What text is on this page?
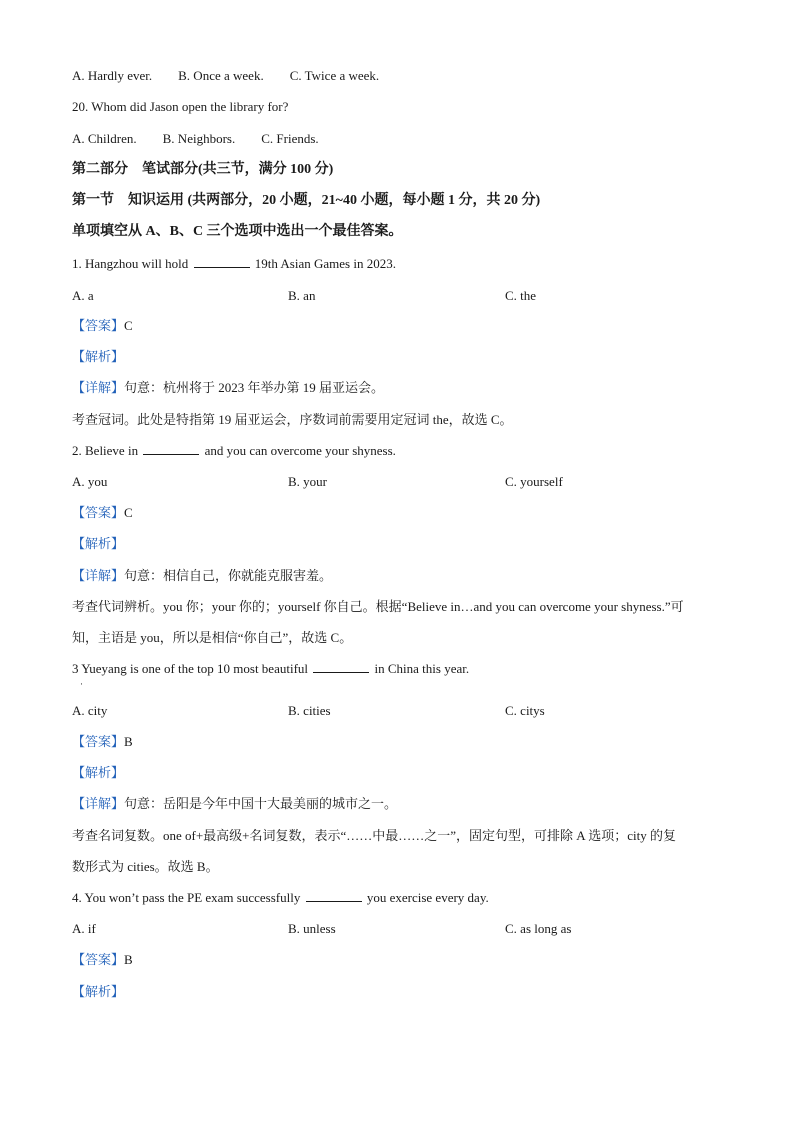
A. Hardly ever. B. Once a week. C. Twice a week.
20. Whom did Jason open the library for?
A. Children. B. Neighbors. C. Friends.
第二部分　笔试部分(共三节，满分 100 分)
第一节　知识运用 (共两部分，20 小题，21~40 小题，每小题 1 分，共 20 分)
单项填空从 A、B、C 三个选项中选出一个最佳答案。
1. Hangzhou will hold	19th Asian Games in 2023.
A. a	B. an	C. the
【答案】C
【解析】
【详解】句意：杭州将于 2023 年举办第 19 届亚运会。
考查冠词。此处是特指第 19 届亚运会，序数词前需要用定冠词 the，故选 C。
2. Believe in	and you can overcome your shyness.
A. you	B. your	C. yourself
【答案】C
【解析】
【详解】句意：相信自己，你就能克服害羞。
考查代词辨析。you 你；your 你的；yourself 你自己。根据“Believe in…and you can overcome your shyness.”可
知，主语是 you，所以是相信“你自己”，故选 C。
3 Yueyang is one of the top 10 most beautiful	in China this year.
·
A. city	B. cities	C. citys
【答案】B
【解析】
【详解】句意：岳阳是今年中国十大最美丽的城市之一。
考查名词复数。one of+最高级+名词复数，表示“……中最……之一”，固定句型，可排除 A 选项；city 的复
数形式为 cities。故选 B。
4. You won’t pass the PE exam successfully	you exercise every day.
A. if	B. unless	C. as long as
【答案】B
【解析】
